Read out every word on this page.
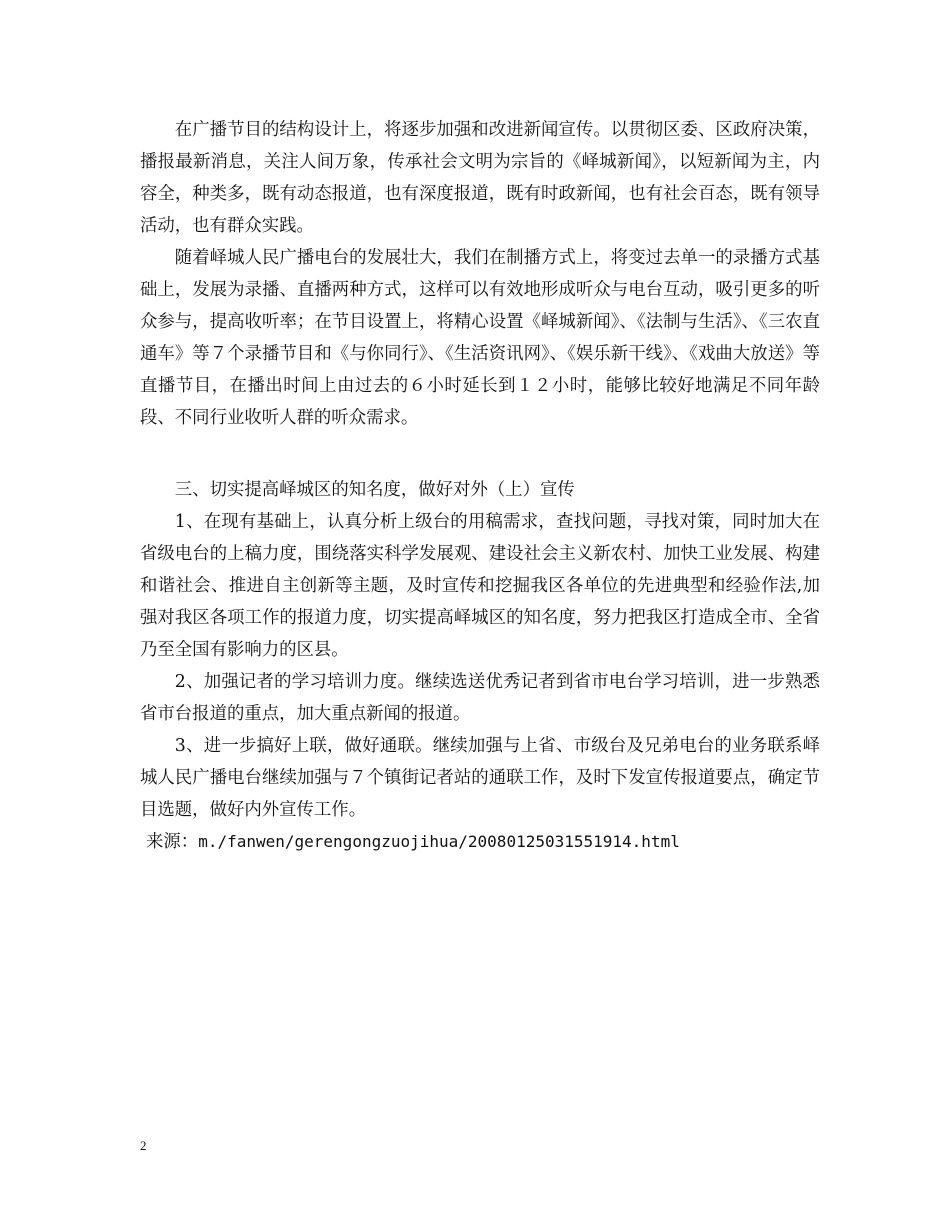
在广播节目的结构设计上，将逐步加强和改进新闻宣传。以贯彻区委、区政府决策，播报最新消息，关注人间万象，传承社会文明为宗旨的《峄城新闻》，以短新闻为主，内容全，种类多，既有动态报道，也有深度报道，既有时政新闻，也有社会百态，既有领导活动，也有群众实践。

随着峄城人民广播电台的发展壮大，我们在制播方式上，将变过去单一的录播方式基础上，发展为录播、直播两种方式，这样可以有效地形成听众与电台互动，吸引更多的听众参与，提高收听率；在节目设置上，将精心设置《峄城新闻》、《法制与生活》、《三农直通车》等７个录播节目和《与你同行》、《生活资讯网》、《娱乐新干线》、《戏曲大放送》等直播节目，在播出时间上由过去的６小时延长到１２小时，能够比较好地满足不同年龄段、不同行业收听人群的听众需求。

三、切实提高峄城区的知名度，做好对外（上）宣传

1、在现有基础上，认真分析上级台的用稿需求，查找问题，寻找对策，同时加大在省级电台的上稿力度，围绕落实科学发展观、建设社会主义新农村、加快工业发展、构建和谐社会、推进自主创新等主题，及时宣传和挖掘我区各单位的先进典型和经验作法,加强对我区各项工作的报道力度，切实提高峄城区的知名度，努力把我区打造成全市、全省乃至全国有影响力的区县。

2、加强记者的学习培训力度。继续选送优秀记者到省市电台学习培训，进一步熟悉省市台报道的重点，加大重点新闻的报道。

3、进一步搞好上联，做好通联。继续加强与上省、市级台及兄弟电台的业务联系峄城人民广播电台继续加强与７个镇街记者站的通联工作，及时下发宣传报道要点，确定节目选题，做好内外宣传工作。

来源：m./fanwen/gerengongzuojihua/20080125031551914.html

2
